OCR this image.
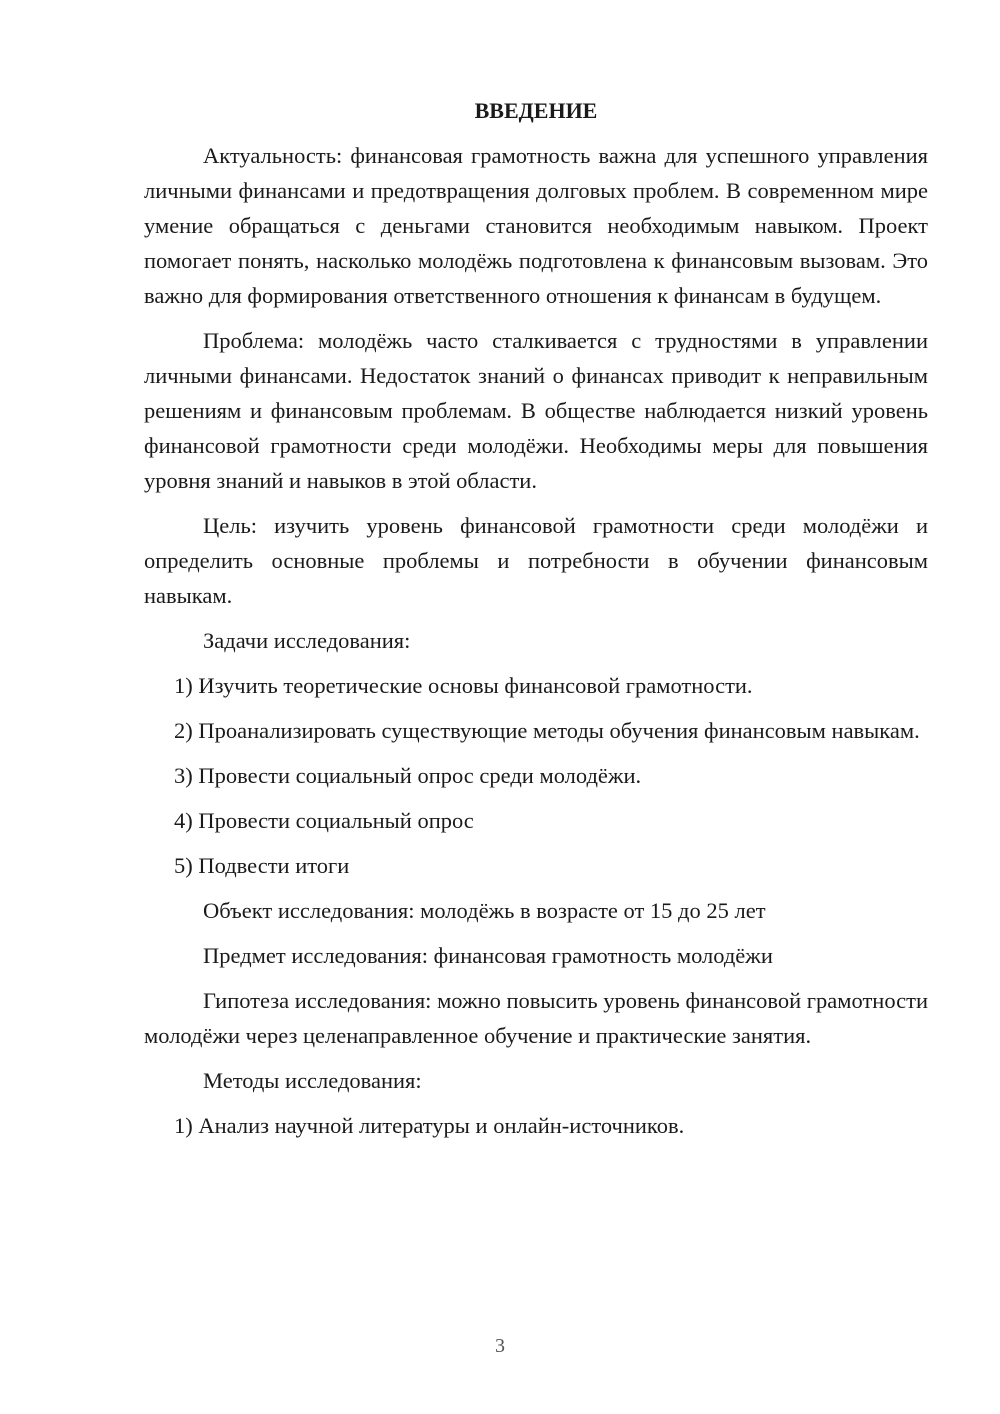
ВВЕДЕНИЕ

Актуальность: финансовая грамотность важна для успешного управления личными финансами и предотвращения долговых проблем. В современном мире умение обращаться с деньгами становится необходимым навыком. Проект помогает понять, насколько молодёжь подготовлена к финансовым вызовам. Это важно для формирования ответственного отношения к финансам в будущем.

Проблема: молодёжь часто сталкивается с трудностями в управлении личными финансами. Недостаток знаний о финансах приводит к неправильным решениям и финансовым проблемам. В обществе наблюдается низкий уровень финансовой грамотности среди молодёжи. Необходимы меры для повышения уровня знаний и навыков в этой области.

Цель: изучить уровень финансовой грамотности среди молодёжи и определить основные проблемы и потребности в обучении финансовым навыкам.

Задачи исследования:

1) Изучить теоретические основы финансовой грамотности.

2) Проанализировать существующие методы обучения финансовым навыкам.

3) Провести социальный опрос среди молодёжи.

4) Провести социальный опрос

5) Подвести итоги

Объект исследования: молодёжь в возрасте от 15 до 25 лет

Предмет исследования: финансовая грамотность молодёжи

Гипотеза исследования: можно повысить уровень финансовой грамотности молодёжи через целенаправленное обучение и практические занятия.

Методы исследования:

1) Анализ научной литературы и онлайн-источников.

3
